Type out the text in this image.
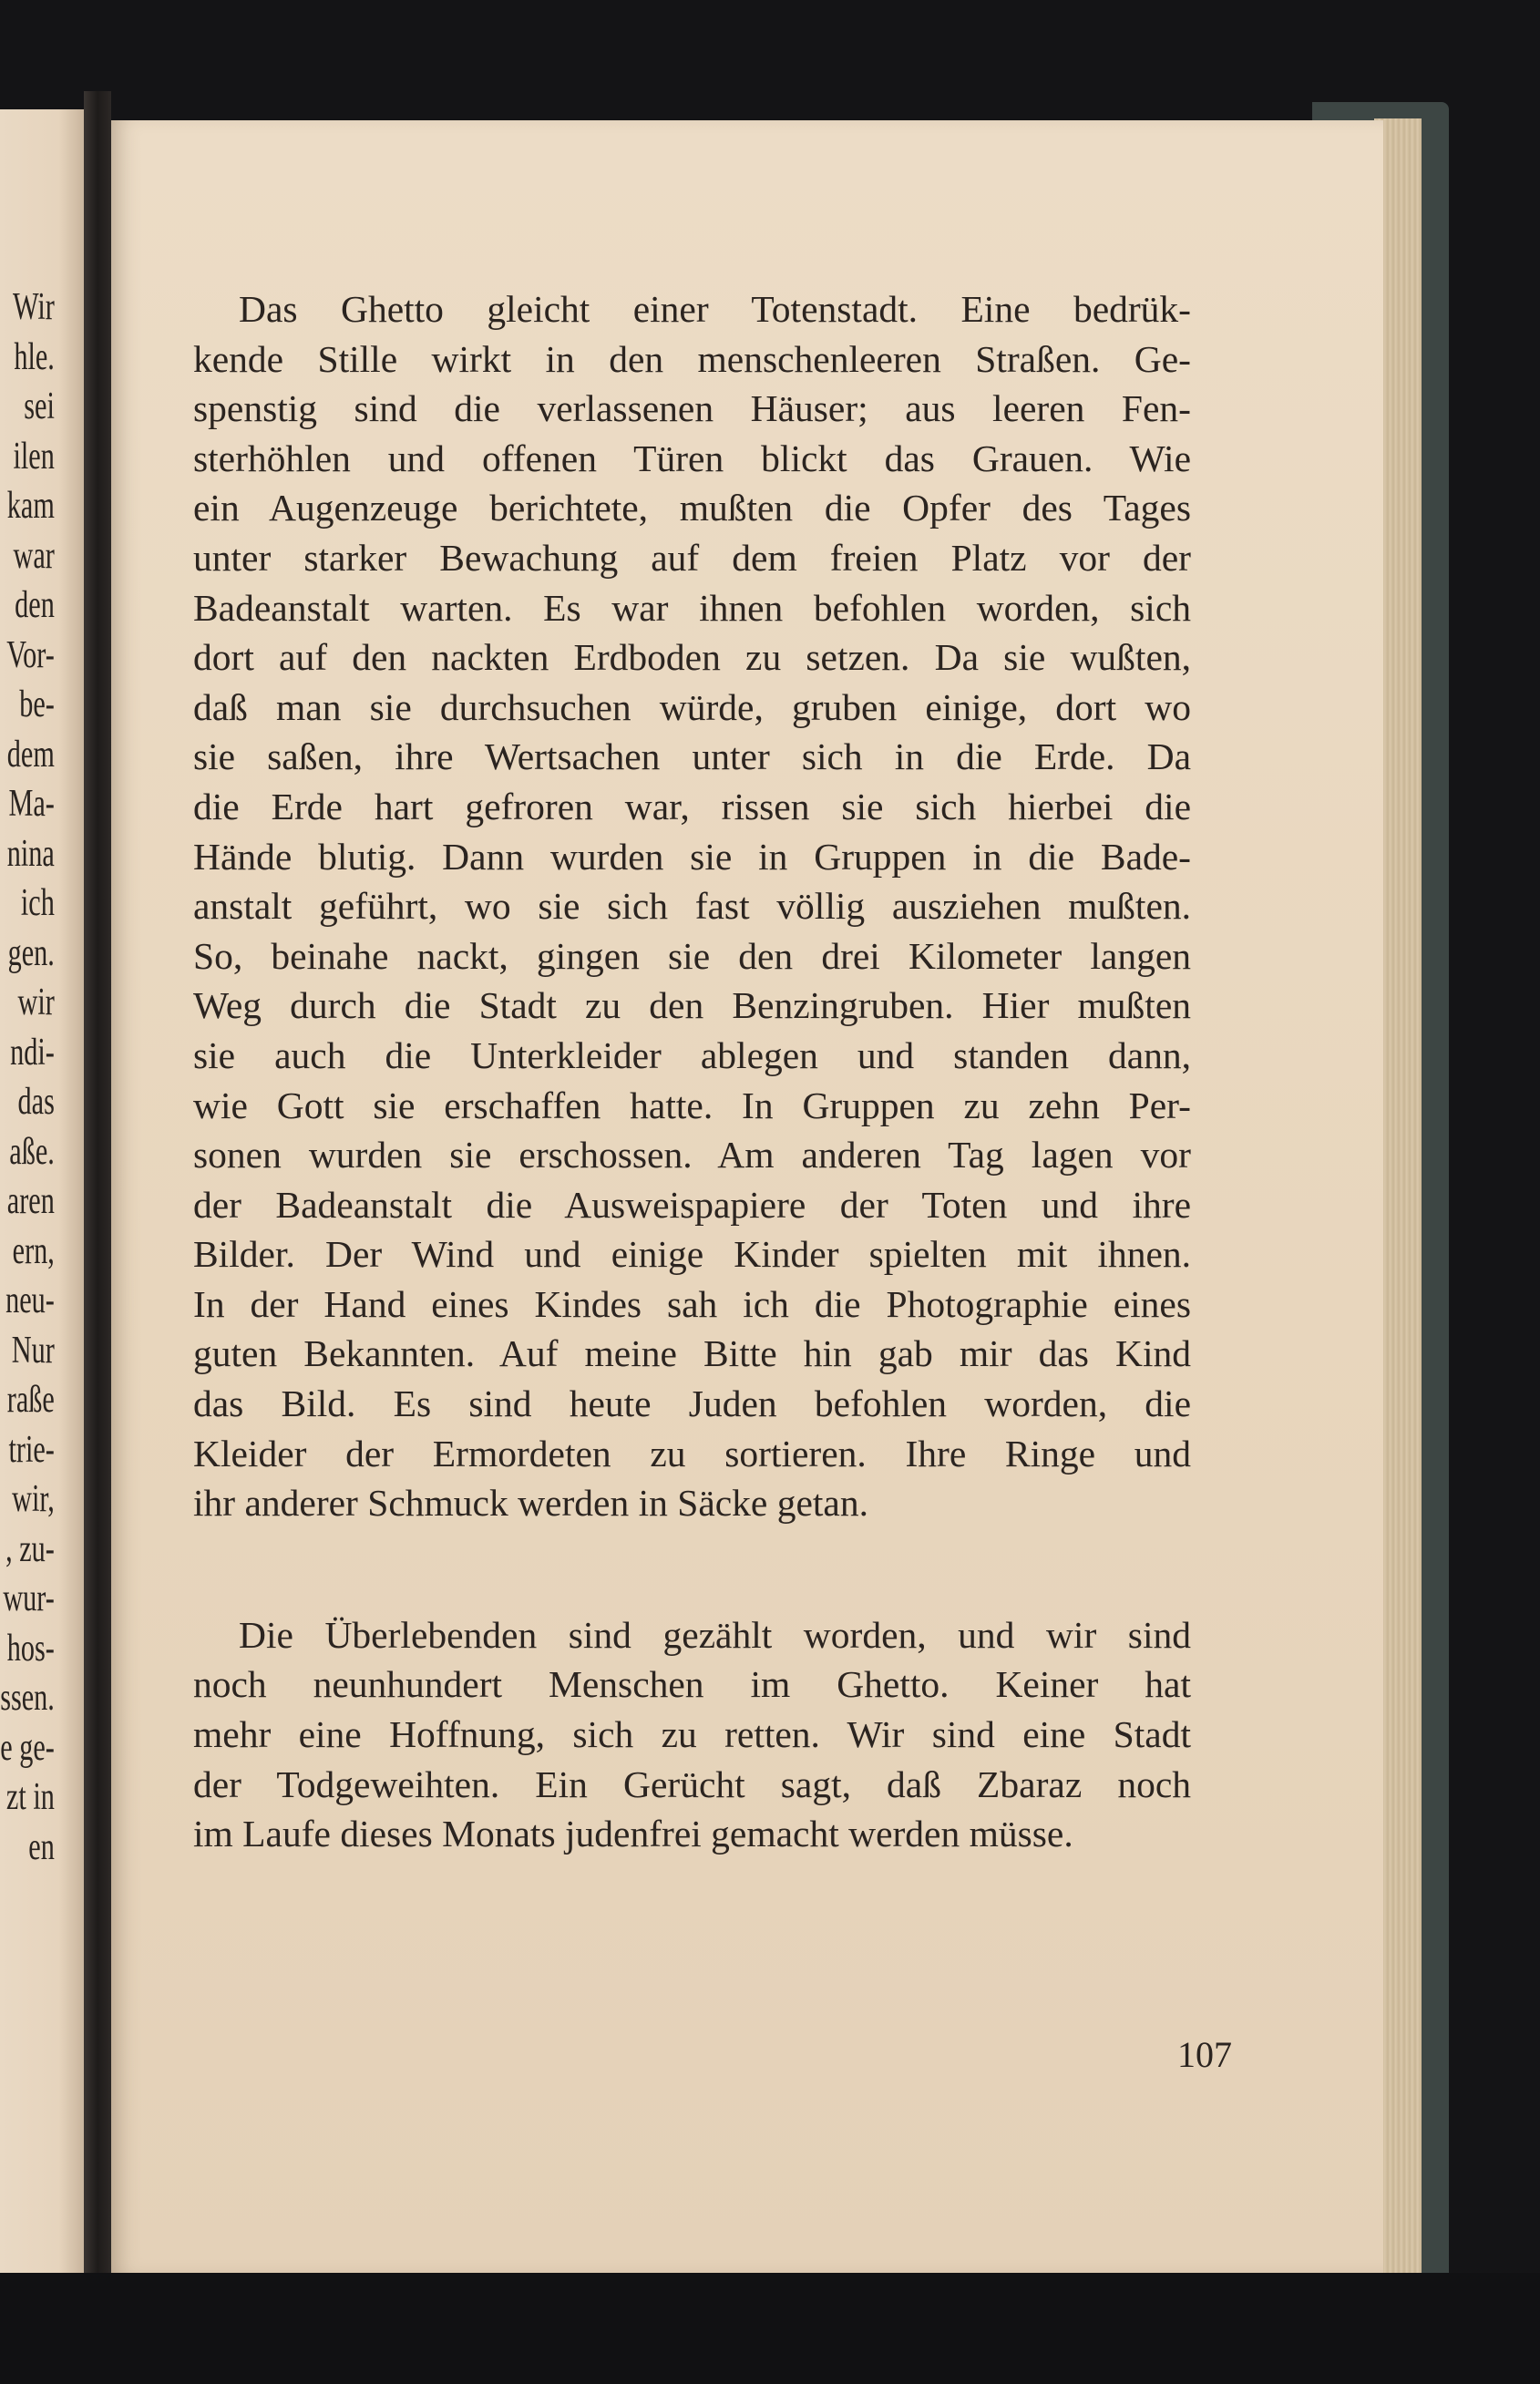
Wir
hle.
sei
ilen
kam
war
den
Vor-
be-
dem
Ma-
nina
ich
gen.
wir
ndi-
das
aße.
aren
ern,
neu-
Nur
raße
trie-
wir,
, zu-
wur-
hos-
ssen.
e ge-
zt in
en

Das Ghetto gleicht einer Totenstadt. Eine bedrük-
kende Stille wirkt in den menschenleeren Straßen. Ge-
spenstig sind die verlassenen Häuser; aus leeren Fen-
sterhöhlen und offenen Türen blickt das Grauen. Wie
ein Augenzeuge berichtete, mußten die Opfer des Tages
unter starker Bewachung auf dem freien Platz vor der
Badeanstalt warten. Es war ihnen befohlen worden, sich
dort auf den nackten Erdboden zu setzen. Da sie wußten,
daß man sie durchsuchen würde, gruben einige, dort wo
sie saßen, ihre Wertsachen unter sich in die Erde. Da
die Erde hart gefroren war, rissen sie sich hierbei die
Hände blutig. Dann wurden sie in Gruppen in die Bade-
anstalt geführt, wo sie sich fast völlig ausziehen mußten.
So, beinahe nackt, gingen sie den drei Kilometer langen
Weg durch die Stadt zu den Benzingruben. Hier mußten
sie auch die Unterkleider ablegen und standen dann,
wie Gott sie erschaffen hatte. In Gruppen zu zehn Per-
sonen wurden sie erschossen. Am anderen Tag lagen vor
der Badeanstalt die Ausweispapiere der Toten und ihre
Bilder. Der Wind und einige Kinder spielten mit ihnen.
In der Hand eines Kindes sah ich die Photographie eines
guten Bekannten. Auf meine Bitte hin gab mir das Kind
das Bild. Es sind heute Juden befohlen worden, die
Kleider der Ermordeten zu sortieren. Ihre Ringe und
ihr anderer Schmuck werden in Säcke getan.

Die Überlebenden sind gezählt worden, und wir sind
noch neunhundert Menschen im Ghetto. Keiner hat
mehr eine Hoffnung, sich zu retten. Wir sind eine Stadt
der Todgeweihten. Ein Gerücht sagt, daß Zbaraz noch
im Laufe dieses Monats judenfrei gemacht werden müsse.

107
